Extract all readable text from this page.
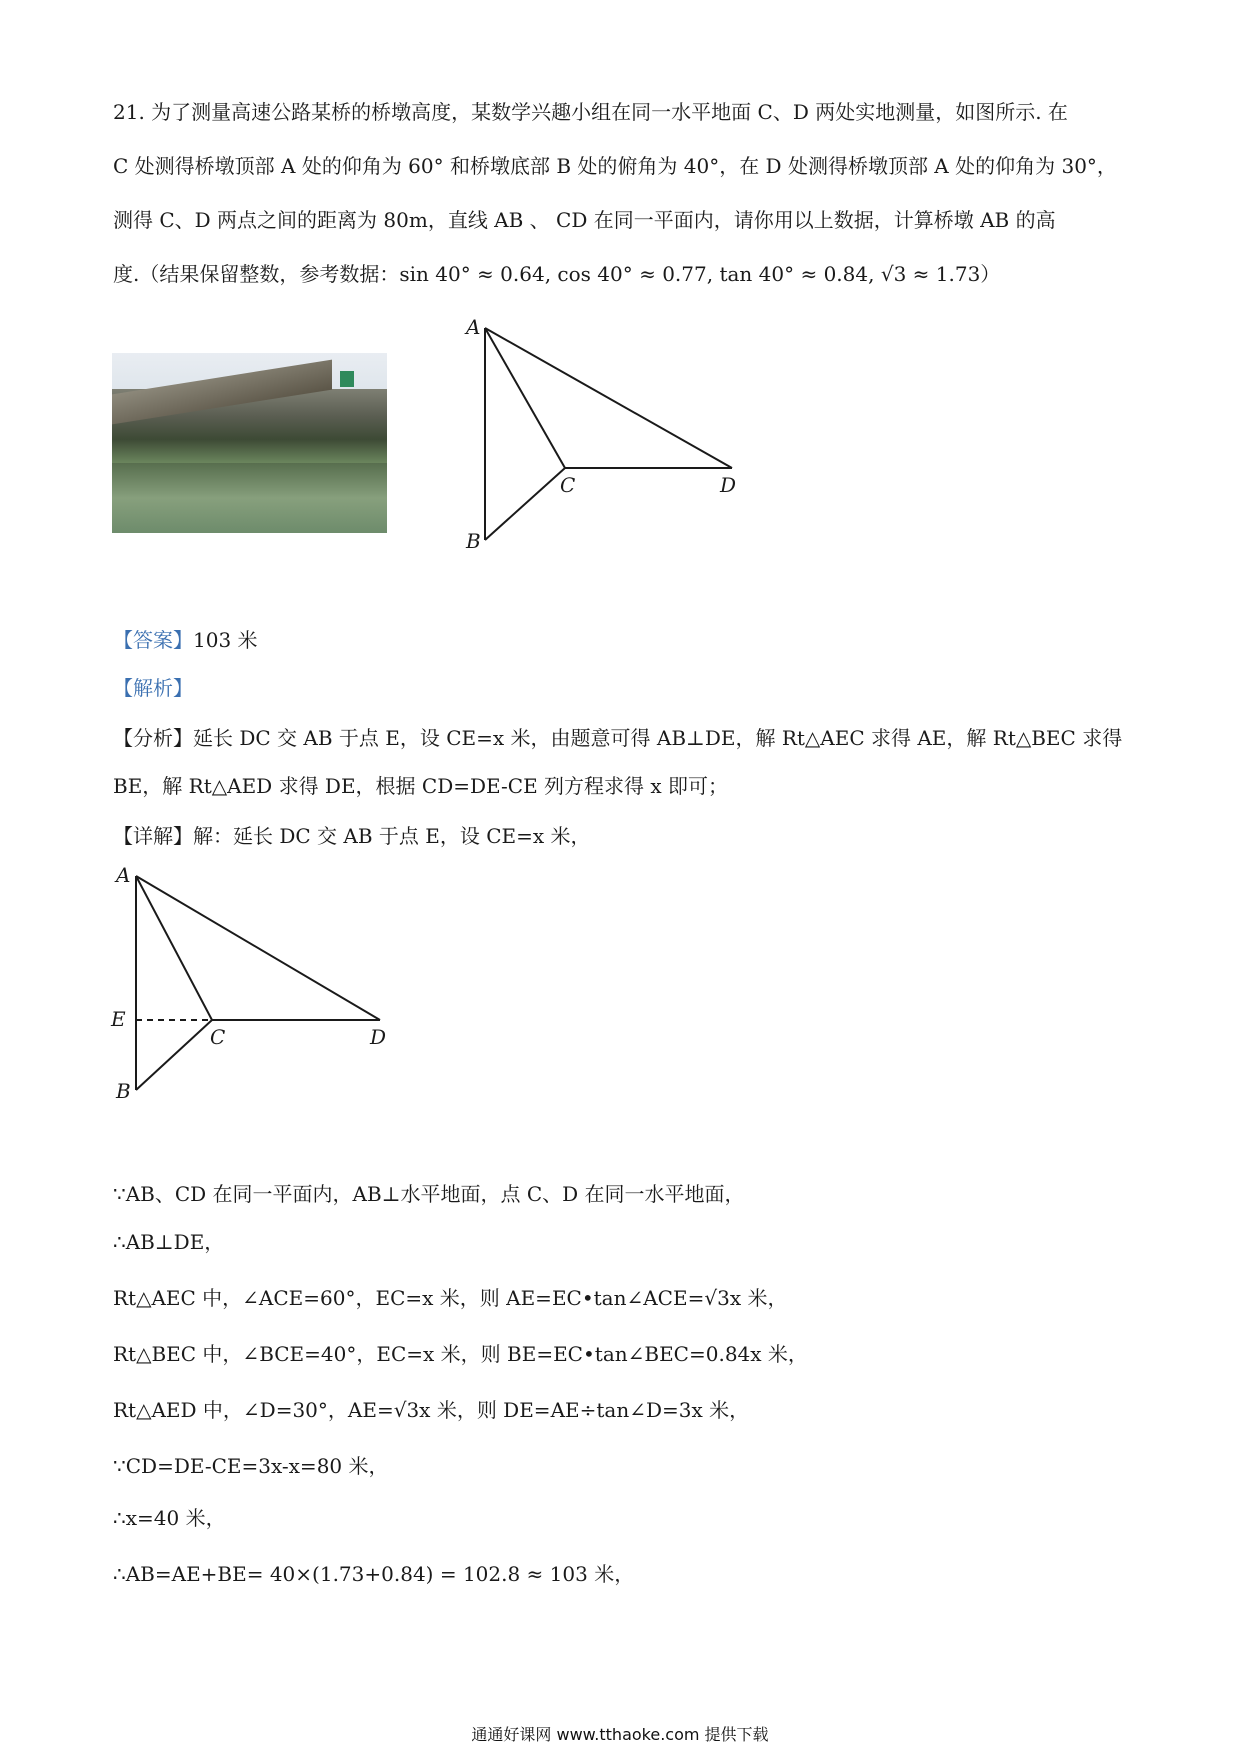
21. 为了测量高速公路某桥的桥墩高度，某数学兴趣小组在同一水平地面 C、D 两处实地测量，如图所示. 在
C 处测得桥墩顶部 A 处的仰角为 60° 和桥墩底部 B 处的俯角为 40°，在 D 处测得桥墩顶部 A 处的仰角为 30°，
测得 C、D 两点之间的距离为 80m，直线 AB 、 CD 在同一平面内，请你用以上数据，计算桥墩 AB 的高
度.（结果保留整数，参考数据：sin 40° ≈ 0.64, cos 40° ≈ 0.77, tan 40° ≈ 0.84, √3 ≈ 1.73）
A
C	D
B
【答案】103 米
【解析】
【分析】延长 DC 交 AB 于点 E，设 CE=x 米，由题意可得 AB⊥DE，解 Rt△AEC 求得 AE，解 Rt△BEC 求得
BE，解 Rt△AED 求得 DE，根据 CD=DE-CE 列方程求得 x 即可；
【详解】解：延长 DC 交 AB 于点 E，设 CE=x 米，
A
E
C	D
B
∵AB、CD 在同一平面内，AB⊥水平地面，点 C、D 在同一水平地面，
∴AB⊥DE，
Rt△AEC 中，∠ACE=60°，EC=x 米，则 AE=EC•tan∠ACE=√3x 米，
Rt△BEC 中，∠BCE=40°，EC=x 米，则 BE=EC•tan∠BEC=0.84x 米，
Rt△AED 中，∠D=30°，AE=√3x 米，则 DE=AE÷tan∠D=3x 米，
∵CD=DE-CE=3x-x=80 米，
∴x=40 米，
∴AB=AE+BE= 40×(1.73+0.84) = 102.8 ≈ 103 米，
通通好课网 www.tthaoke.com 提供下载
